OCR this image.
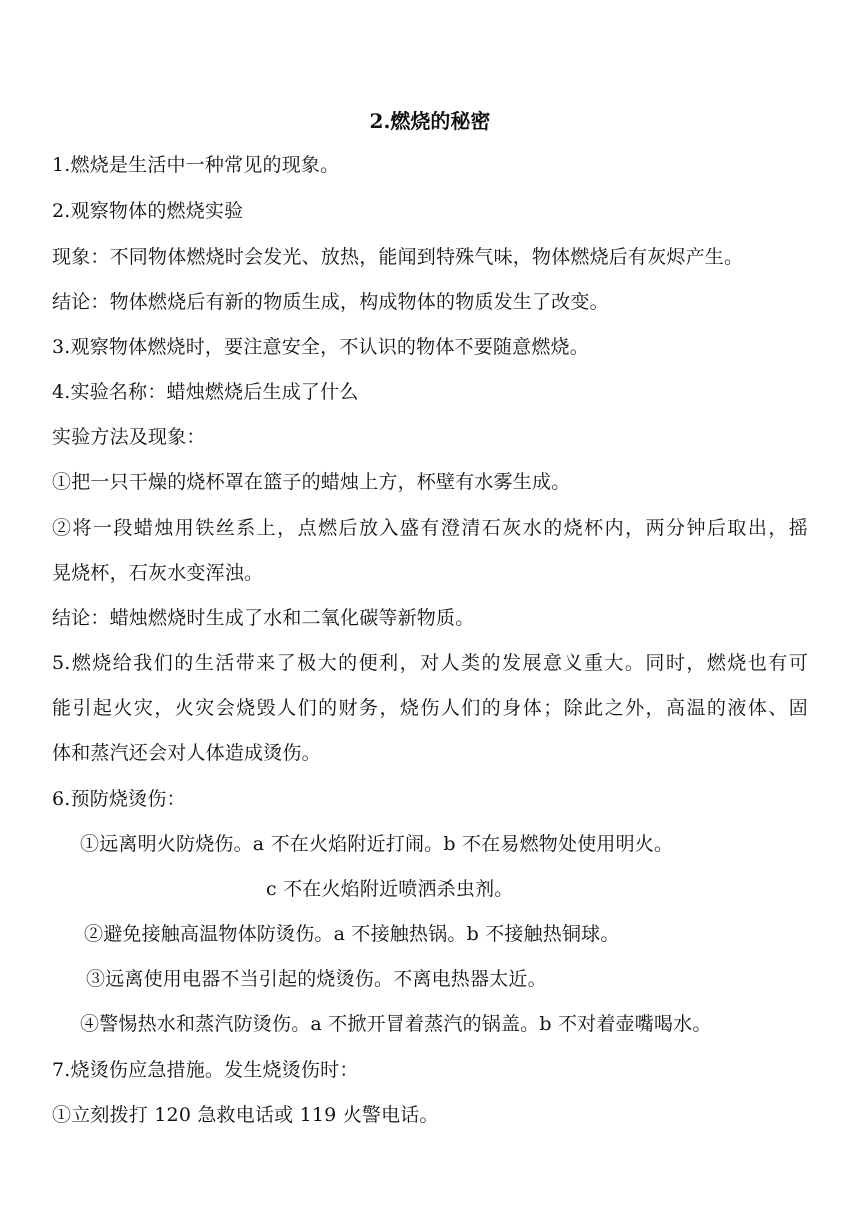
2.燃烧的秘密
1.燃烧是生活中一种常见的现象。
2.观察物体的燃烧实验
现象：不同物体燃烧时会发光、放热，能闻到特殊气味，物体燃烧后有灰烬产生。
结论：物体燃烧后有新的物质生成，构成物体的物质发生了改变。
3.观察物体燃烧时，要注意安全，不认识的物体不要随意燃烧。
4.实验名称：蜡烛燃烧后生成了什么
实验方法及现象：
①把一只干燥的烧杯罩在篮子的蜡烛上方，杯壁有水雾生成。
②将一段蜡烛用铁丝系上，点燃后放入盛有澄清石灰水的烧杯内，两分钟后取出，摇
晃烧杯，石灰水变浑浊。
结论：蜡烛燃烧时生成了水和二氧化碳等新物质。
5.燃烧给我们的生活带来了极大的便利，对人类的发展意义重大。同时，燃烧也有可
能引起火灾，火灾会烧毁人们的财务，烧伤人们的身体；除此之外，高温的液体、固
体和蒸汽还会对人体造成烫伤。
6.预防烧烫伤：
①远离明火防烧伤。a 不在火焰附近打闹。b 不在易燃物处使用明火。
c 不在火焰附近喷洒杀虫剂。
②避免接触高温物体防烫伤。a 不接触热锅。b 不接触热铜球。
③远离使用电器不当引起的烧烫伤。不离电热器太近。
④警惕热水和蒸汽防烫伤。a 不掀开冒着蒸汽的锅盖。b 不对着壶嘴喝水。
7.烧烫伤应急措施。发生烧烫伤时：
①立刻拨打 120 急救电话或 119 火警电话。
